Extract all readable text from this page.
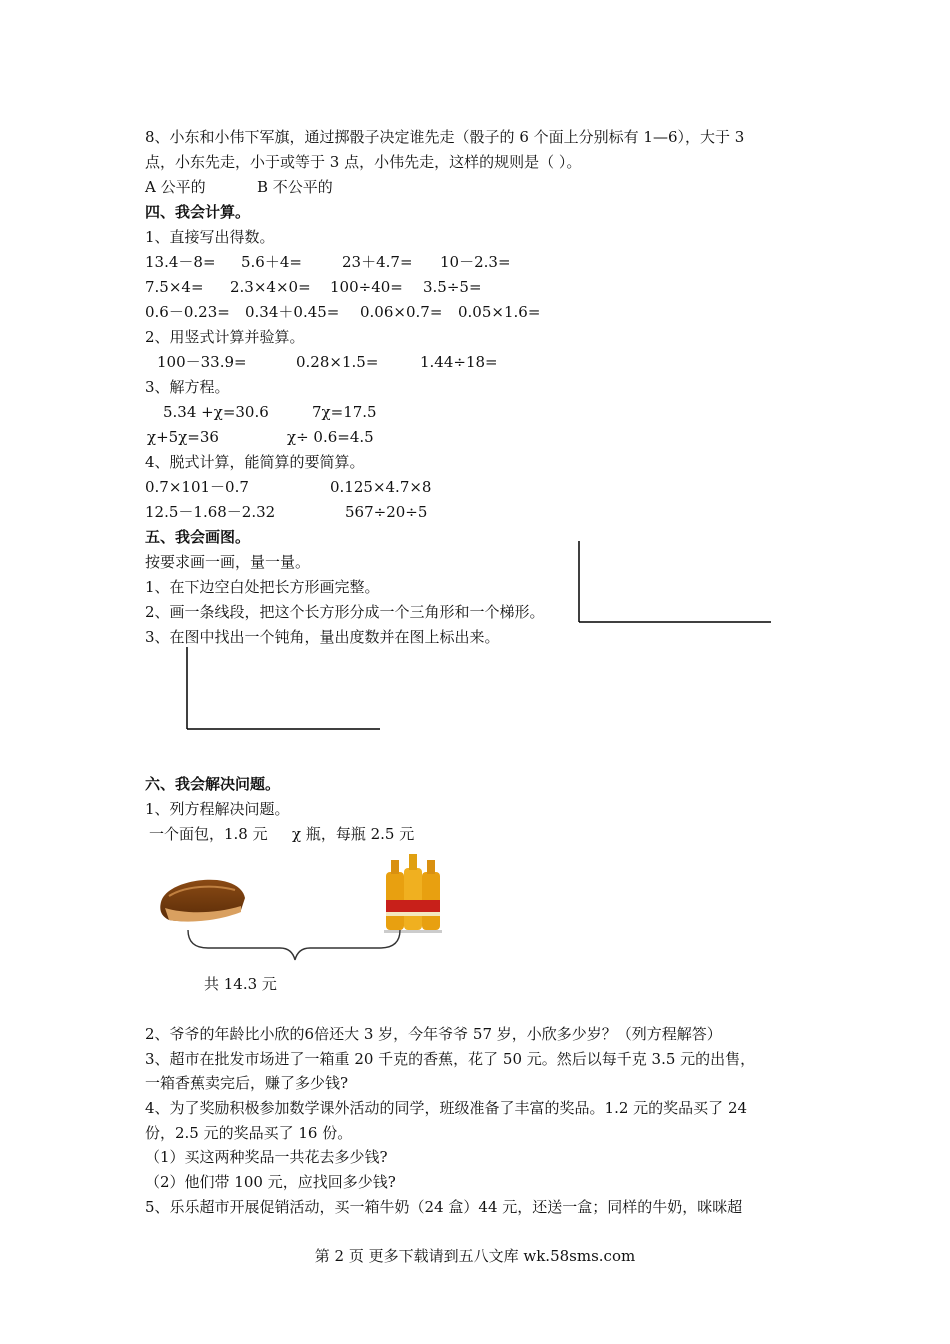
8、小东和小伟下军旗，通过掷骰子决定谁先走（骰子的 6 个面上分别标有 1—6），大于 3
点，小东先走，小于或等于 3 点，小伟先走，这样的规则是（ ）。
A 公平的	B 不公平的
四、我会计算。
1、直接写出得数。
13.4－8= 5.6＋4=	23＋4.7= 10－2.3=
7.5×4= 2.3×4×0= 100÷40= 3.5÷5=
0.6－0.23= 0.34＋0.45= 0.06×0.7= 0.05×1.6=
2、用竖式计算并验算。
100－33.9=	0.28×1.5=	1.44÷18=
3、解方程。
5.34 +χ=30.6	7χ=17.5
χ+5χ=36	χ÷ 0.6=4.5
4、脱式计算，能简算的要简算。
0.7×101－0.7	0.125×4.7×8
12.5－1.68－2.32	567÷20÷5
五、我会画图。
按要求画一画，量一量。
1、在下边空白处把长方形画完整。
2、画一条线段，把这个长方形分成一个三角形和一个梯形。
3、在图中找出一个钝角，量出度数并在图上标出来。
六、我会解决问题。
1、列方程解决问题。
一个面包，1.8 元 χ 瓶，每瓶 2.5 元
共 14.3 元
2、爷爷的年龄比小欣的6倍还大 3 岁，今年爷爷 57 岁，小欣多少岁？（列方程解答）
3、超市在批发市场进了一箱重 20 千克的香蕉，花了 50 元。然后以每千克 3.5 元的出售，
一箱香蕉卖完后，赚了多少钱?
4、为了奖励积极参加数学课外活动的同学，班级准备了丰富的奖品。1.2 元的奖品买了 24
份，2.5 元的奖品买了 16 份。
（1）买这两种奖品一共花去多少钱?
（2）他们带 100 元，应找回多少钱?
5、乐乐超市开展促销活动，买一箱牛奶（24 盒）44 元，还送一盒；同样的牛奶，咪咪超
第 2 页 更多下载请到五八文库 wk.58sms.com
